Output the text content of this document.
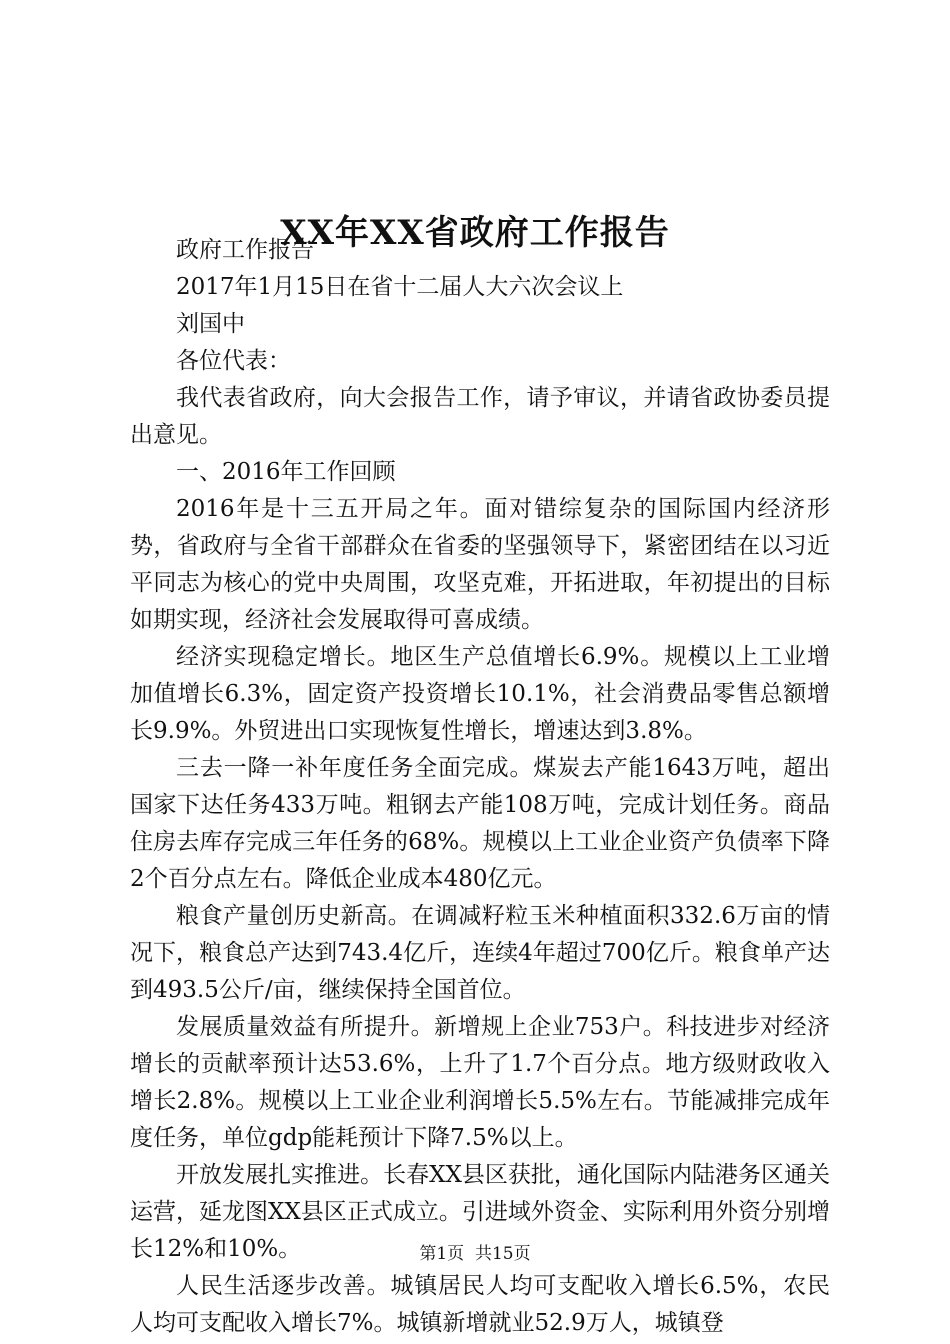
XX年XX省政府工作报告

政府工作报告

2017年1月15日在省十二届人大六次会议上

刘国中

各位代表：

我代表省政府，向大会报告工作，请予审议，并请省政协委员提出意见。

一、2016年工作回顾

2016年是十三五开局之年。面对错综复杂的国际国内经济形势，省政府与全省干部群众在省委的坚强领导下，紧密团结在以习近平同志为核心的党中央周围，攻坚克难，开拓进取，年初提出的目标如期实现，经济社会发展取得可喜成绩。

经济实现稳定增长。地区生产总值增长6.9%。规模以上工业增加值增长6.3%，固定资产投资增长10.1%，社会消费品零售总额增长9.9%。外贸进出口实现恢复性增长，增速达到3.8%。

三去一降一补年度任务全面完成。煤炭去产能1643万吨，超出国家下达任务433万吨。粗钢去产能108万吨，完成计划任务。商品住房去库存完成三年任务的68%。规模以上工业企业资产负债率下降2个百分点左右。降低企业成本480亿元。

粮食产量创历史新高。在调减籽粒玉米种植面积332.6万亩的情况下，粮食总产达到743.4亿斤，连续4年超过700亿斤。粮食单产达到493.5公斤/亩，继续保持全国首位。

发展质量效益有所提升。新增规上企业753户。科技进步对经济增长的贡献率预计达53.6%，上升了1.7个百分点。地方级财政收入增长2.8%。规模以上工业企业利润增长5.5%左右。节能减排完成年度任务，单位gdp能耗预计下降7.5%以上。

开放发展扎实推进。长春XX县区获批，通化国际内陆港务区通关运营，延龙图XX县区正式成立。引进域外资金、实际利用外资分别增长12%和10%。

人民生活逐步改善。城镇居民人均可支配收入增长6.5%，农民人均可支配收入增长7%。城镇新增就业52.9万人，城镇登

第1页  共15页
